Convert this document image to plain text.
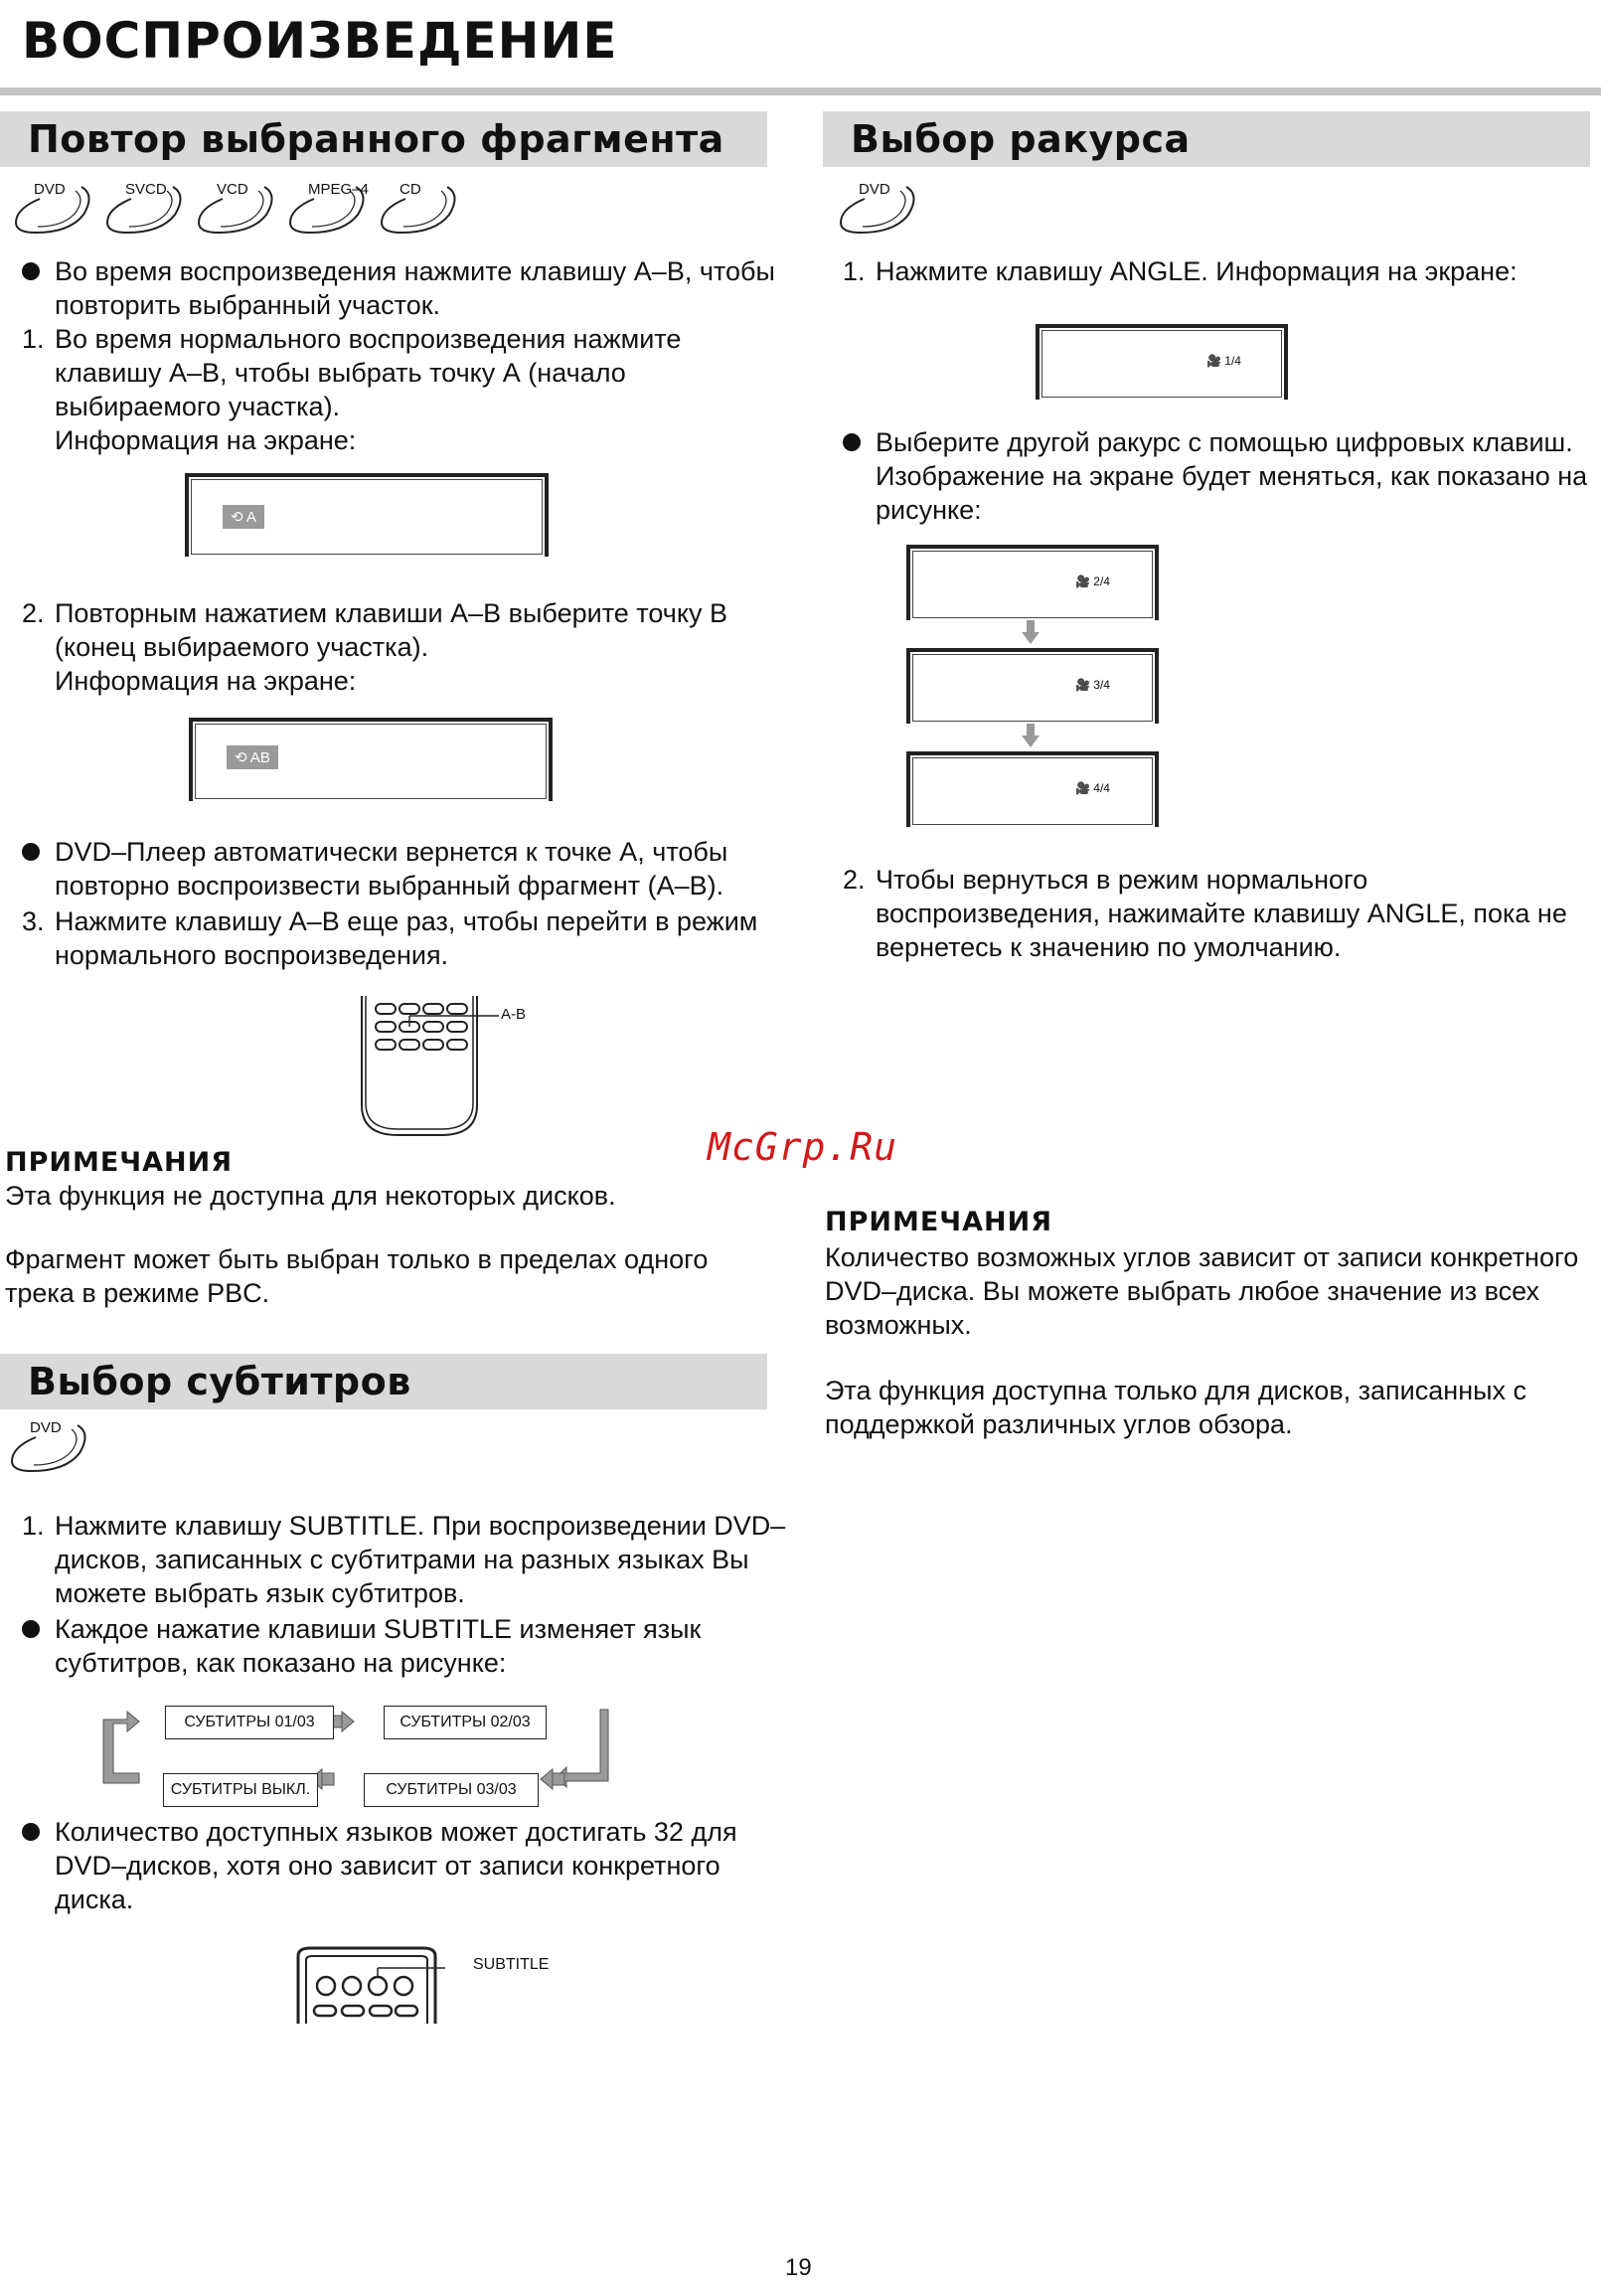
ВОСПРОИЗВЕДЕНИЕ
Повтор выбранного фрагмента
DVD	SVCD	VCD	MPEG–4 CD
Во время воспроизведения нажмите клавишу A–B, чтобы повторить выбранный участок.
1. Во время нормального воспроизведения нажмите клавишу А–В, чтобы выбрать точку А (начало выбираемого участка).
Информация на экране:
⟲ A
2. Повторным нажатием клавиши А–В выберите точку В (конец выбираемого участка).
Информация на экране:
⟲ AB
DVD–Плеер автоматически вернется к точке А, чтобы повторно воспроизвести выбранный фрагмент (А–В).
3. Нажмите клавишу А–В еще раз, чтобы перейти в режим нормального воспроизведения.
A-B
ПРИМЕЧАНИЯ
Эта функция не доступна для некоторых дисков.
Фрагмент может быть выбран только в пределах одного трека в режиме PBC.
Выбор субтитров
DVD
1. Нажмите клавишу SUBTITLE. При воспроизведении DVD–дисков, записанных с субтитрами на разных языках Вы можете выбрать язык субтитров.
Каждое нажатие клавиши SUBTITLE изменяет язык субтитров, как показано на рисунке:
СУБТИТРЫ 01/03	СУБТИТРЫ 02/03
СУБТИТРЫ 03/03
СУБТИТРЫ ВЫКЛ.
Количество доступных языков может достигать 32 для DVD–дисков, хотя оно зависит от записи конкретного диска.
SUBTITLE
Выбор ракурса
DVD
1. Нажмите клавишу ANGLE. Информация на экране:
🎥 1/4
Выберите другой ракурс с помощью цифровых клавиш. Изображение на экране будет меняться, как показано на рисунке:
🎥 2/4
🎥 3/4
🎥 4/4
2. Чтобы вернуться в режим нормального воспроизведения, нажимайте клавишу ANGLE, пока не вернетесь к значению по умолчанию.
McGrp.Ru
ПРИМЕЧАНИЯ
Количество возможных углов зависит от записи конкретного DVD–диска. Вы можете выбрать любое значение из всех возможных.
Эта функция доступна только для дисков, записанных с поддержкой различных углов обзора.
19
